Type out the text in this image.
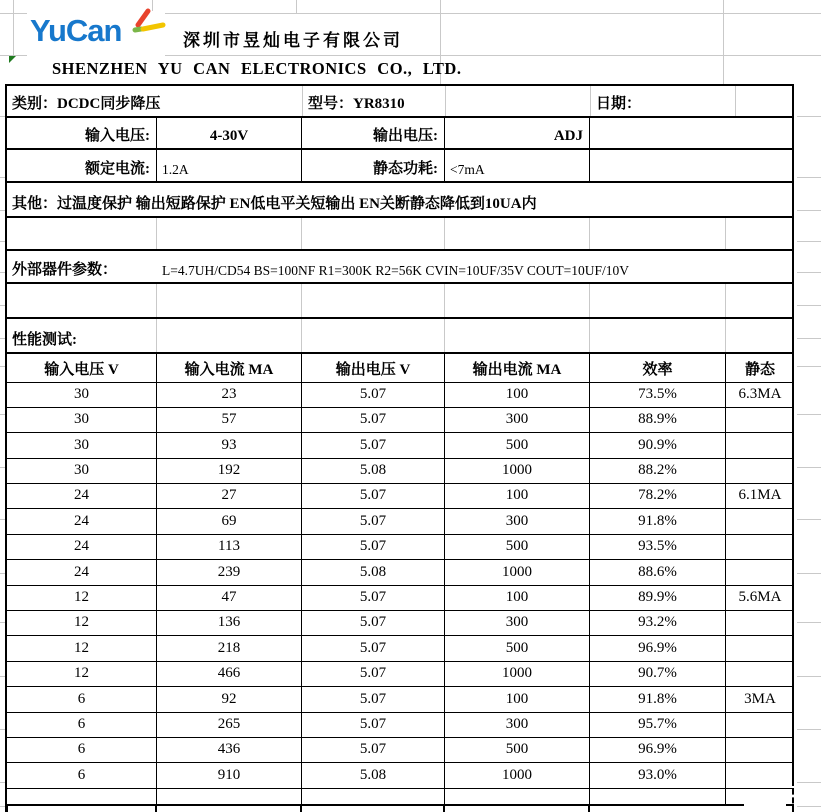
YuCan	深圳市昱灿电子有限公司
SHENZHEN YU CAN ELECTRONICS CO., LTD.
类别：DCDC同步降压	型号：YR8310	日期：
输入电压:	4-30V	输出电压:	ADJ
额定电流: 1.2A	静态功耗: <7mA
其他：过温度保护 输出短路保护 EN低电平关短输出 EN关断静态降低到10UA内
外部器件参数：	L=4.7UH/CD54 BS=100NF R1=300K R2=56K CVIN=10UF/35V COUT=10UF/10V
性能测试:
输入电压 V	输入电流 MA	输出电压 V	输出电流 MA	效率	静态
30	23	5.07	100	73.5%	6.3MA
30	57	5.07	300	88.9%
30	93	5.07	500	90.9%
30	192	5.08	1000	88.2%
24	27	5.07	100	78.2%	6.1MA
24	69	5.07	300	91.8%
24	113	5.07	500	93.5%
24	239	5.08	1000	88.6%
12	47	5.07	100	89.9%	5.6MA
12	136	5.07	300	93.2%
12	218	5.07	500	96.9%
12	466	5.07	1000	90.7%
6	92	5.07	100	91.8%	3MA
6	265	5.07	300	95.7%
6	436	5.07	500	96.9%
6	910	5.08	1000	93.0%
